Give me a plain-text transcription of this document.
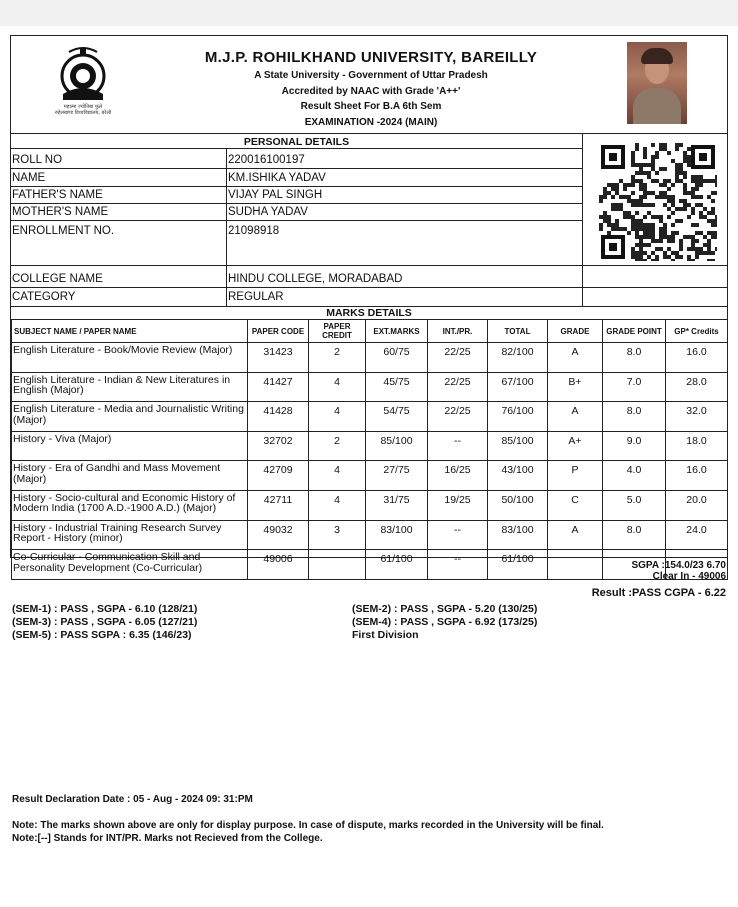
महात्मा ज्योतिबा फुले
रुहेलखण्ड विश्वविद्यालय, बरेली
M.J.P. ROHILKHAND UNIVERSITY, BAREILLY
A State University - Government of Uttar Pradesh
Accredited by NAAC with Grade 'A++'
Result Sheet For B.A 6th Sem
EXAMINATION -2024 (MAIN)
PERSONAL DETAILS
ROLL NO	220016100197
NAME	KM.ISHIKA YADAV
FATHER'S NAME	VIJAY PAL SINGH
MOTHER'S NAME	SUDHA YADAV
ENROLLMENT NO.	21098918
COLLEGE NAME	HINDU COLLEGE, MORADABAD
CATEGORY	REGULAR
MARKS DETAILS
SUBJECT NAME / PAPER NAME	PAPER CODE	PAPER CREDIT	EXT.MARKS	INT./PR.	TOTAL	GRADE	GRADE POINT	GP* Credits
English Literature - Book/Movie Review (Major)	31423	2	60/75	22/25	82/100	A	8.0	16.0
English Literature - Indian & New Literatures in English (Major)	41427	4	45/75	22/25	67/100	B+	7.0	28.0
English Literature - Media and Journalistic Writing (Major)	41428	4	54/75	22/25	76/100	A	8.0	32.0
History - Viva (Major)	32702	2	85/100	--	85/100	A+	9.0	18.0
History - Era of Gandhi and Mass Movement (Major)	42709	4	27/75	16/25	43/100	P	4.0	16.0
History - Socio-cultural and Economic History of Modern India (1700 A.D.-1900 A.D.) (Major)	42711	4	31/75	19/25	50/100	C	5.0	20.0
History - Industrial Training Research Survey Report - History (minor)	49032	3	83/100	--	83/100	A	8.0	24.0
Co-Curricular - Communication Skill and Personality Development (Co-Curricular)	49006		61/100	--	61/100			
SGPA :154.0/23 6.70
Clear In - 49006
Result :PASS CGPA - 6.22
(SEM-1) : PASS , SGPA - 6.10 (128/21)
(SEM-3) : PASS , SGPA - 6.05 (127/21)
(SEM-5) : PASS SGPA : 6.35 (146/23)
(SEM-2) : PASS , SGPA - 5.20 (130/25)
(SEM-4) : PASS , SGPA - 6.92 (173/25)
First Division
Result Declaration Date : 05 - Aug - 2024 09: 31:PM
Note: The marks shown above are only for display purpose. In case of dispute, marks recorded in the University will be final.
Note:[--] Stands for INT/PR. Marks not Recieved from the College.
